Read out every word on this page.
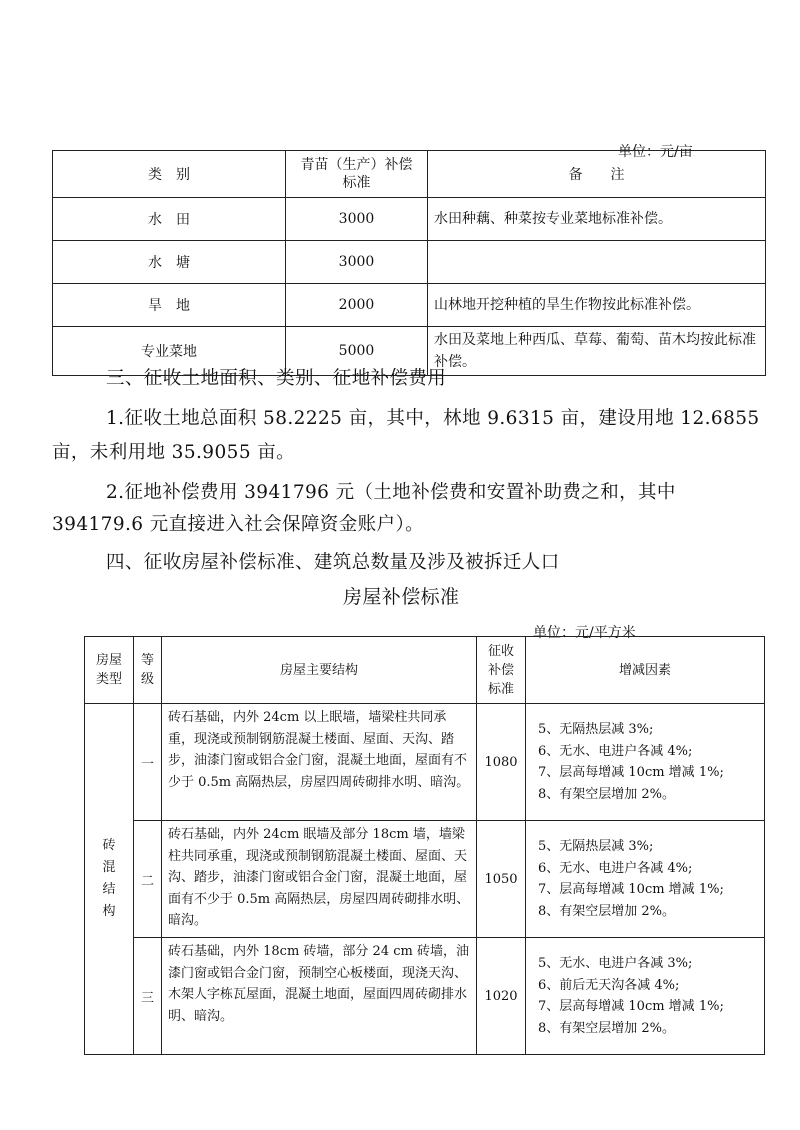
单位：元/亩
类　别	青苗（生产）补偿标准	备　　注
水　田	3000	水田种藕、种菜按专业菜地标准补偿。
水　塘	3000	
旱　地	2000	山林地开挖种植的旱生作物按此标准补偿。
专业菜地	5000	水田及菜地上种西瓜、草莓、葡萄、苗木均按此标准补偿。
三、征收土地面积、类别、征地补偿费用
1.征收土地总面积 58.2225 亩，其中，林地 9.6315 亩，建设用地 12.6855
亩，未利用地 35.9055 亩。
2.征地补偿费用 3941796 元（土地补偿费和安置补助费之和，其中
394179.6 元直接进入社会保障资金账户）。
四、征收房屋补偿标准、建筑总数量及涉及被拆迁人口
房屋补偿标准
单位：元/平方米
房屋类型	等级	房屋主要结构	征收补偿标准	增减因素
砖混结构	一	砖石基础，内外 24cm 以上眠墙，墙梁柱共同承重，现浇或预制钢筋混凝土楼面、屋面、天沟、踏步，油漆门窗或铝合金门窗，混凝土地面，屋面有不少于 0.5m 高隔热层，房屋四周砖砌排水明、暗沟。	1080	5、无隔热层减 3%;
6、无水、电进户各减 4%;
7、层高每增减 10cm 增减 1%;
8、有架空层增加 2%。

	二	砖石基础，内外 24cm 眠墙及部分 18cm 墙，墙梁柱共同承重，现浇或预制钢筋混凝土楼面、屋面、天沟、踏步，油漆门窗或铝合金门窗，混凝土地面，屋面有不少于 0.5m 高隔热层，房屋四周砖砌排水明、暗沟。	1050	5、无隔热层减 3%;
6、无水、电进户各减 4%;
7、层高每增减 10cm 增减 1%;
8、有架空层增加 2%。

	三	砖石基础，内外 18cm 砖墙，部分 24 cm 砖墙，油漆门窗或铝合金门窗，预制空心板楼面，现浇天沟、木架人字栋瓦屋面，混凝土地面，屋面四周砖砌排水明、暗沟。	1020	5、无水、电进户各减 3%;
6、前后无天沟各减 4%;
7、层高每增减 10cm 增减 1%;
8、有架空层增加 2%。
